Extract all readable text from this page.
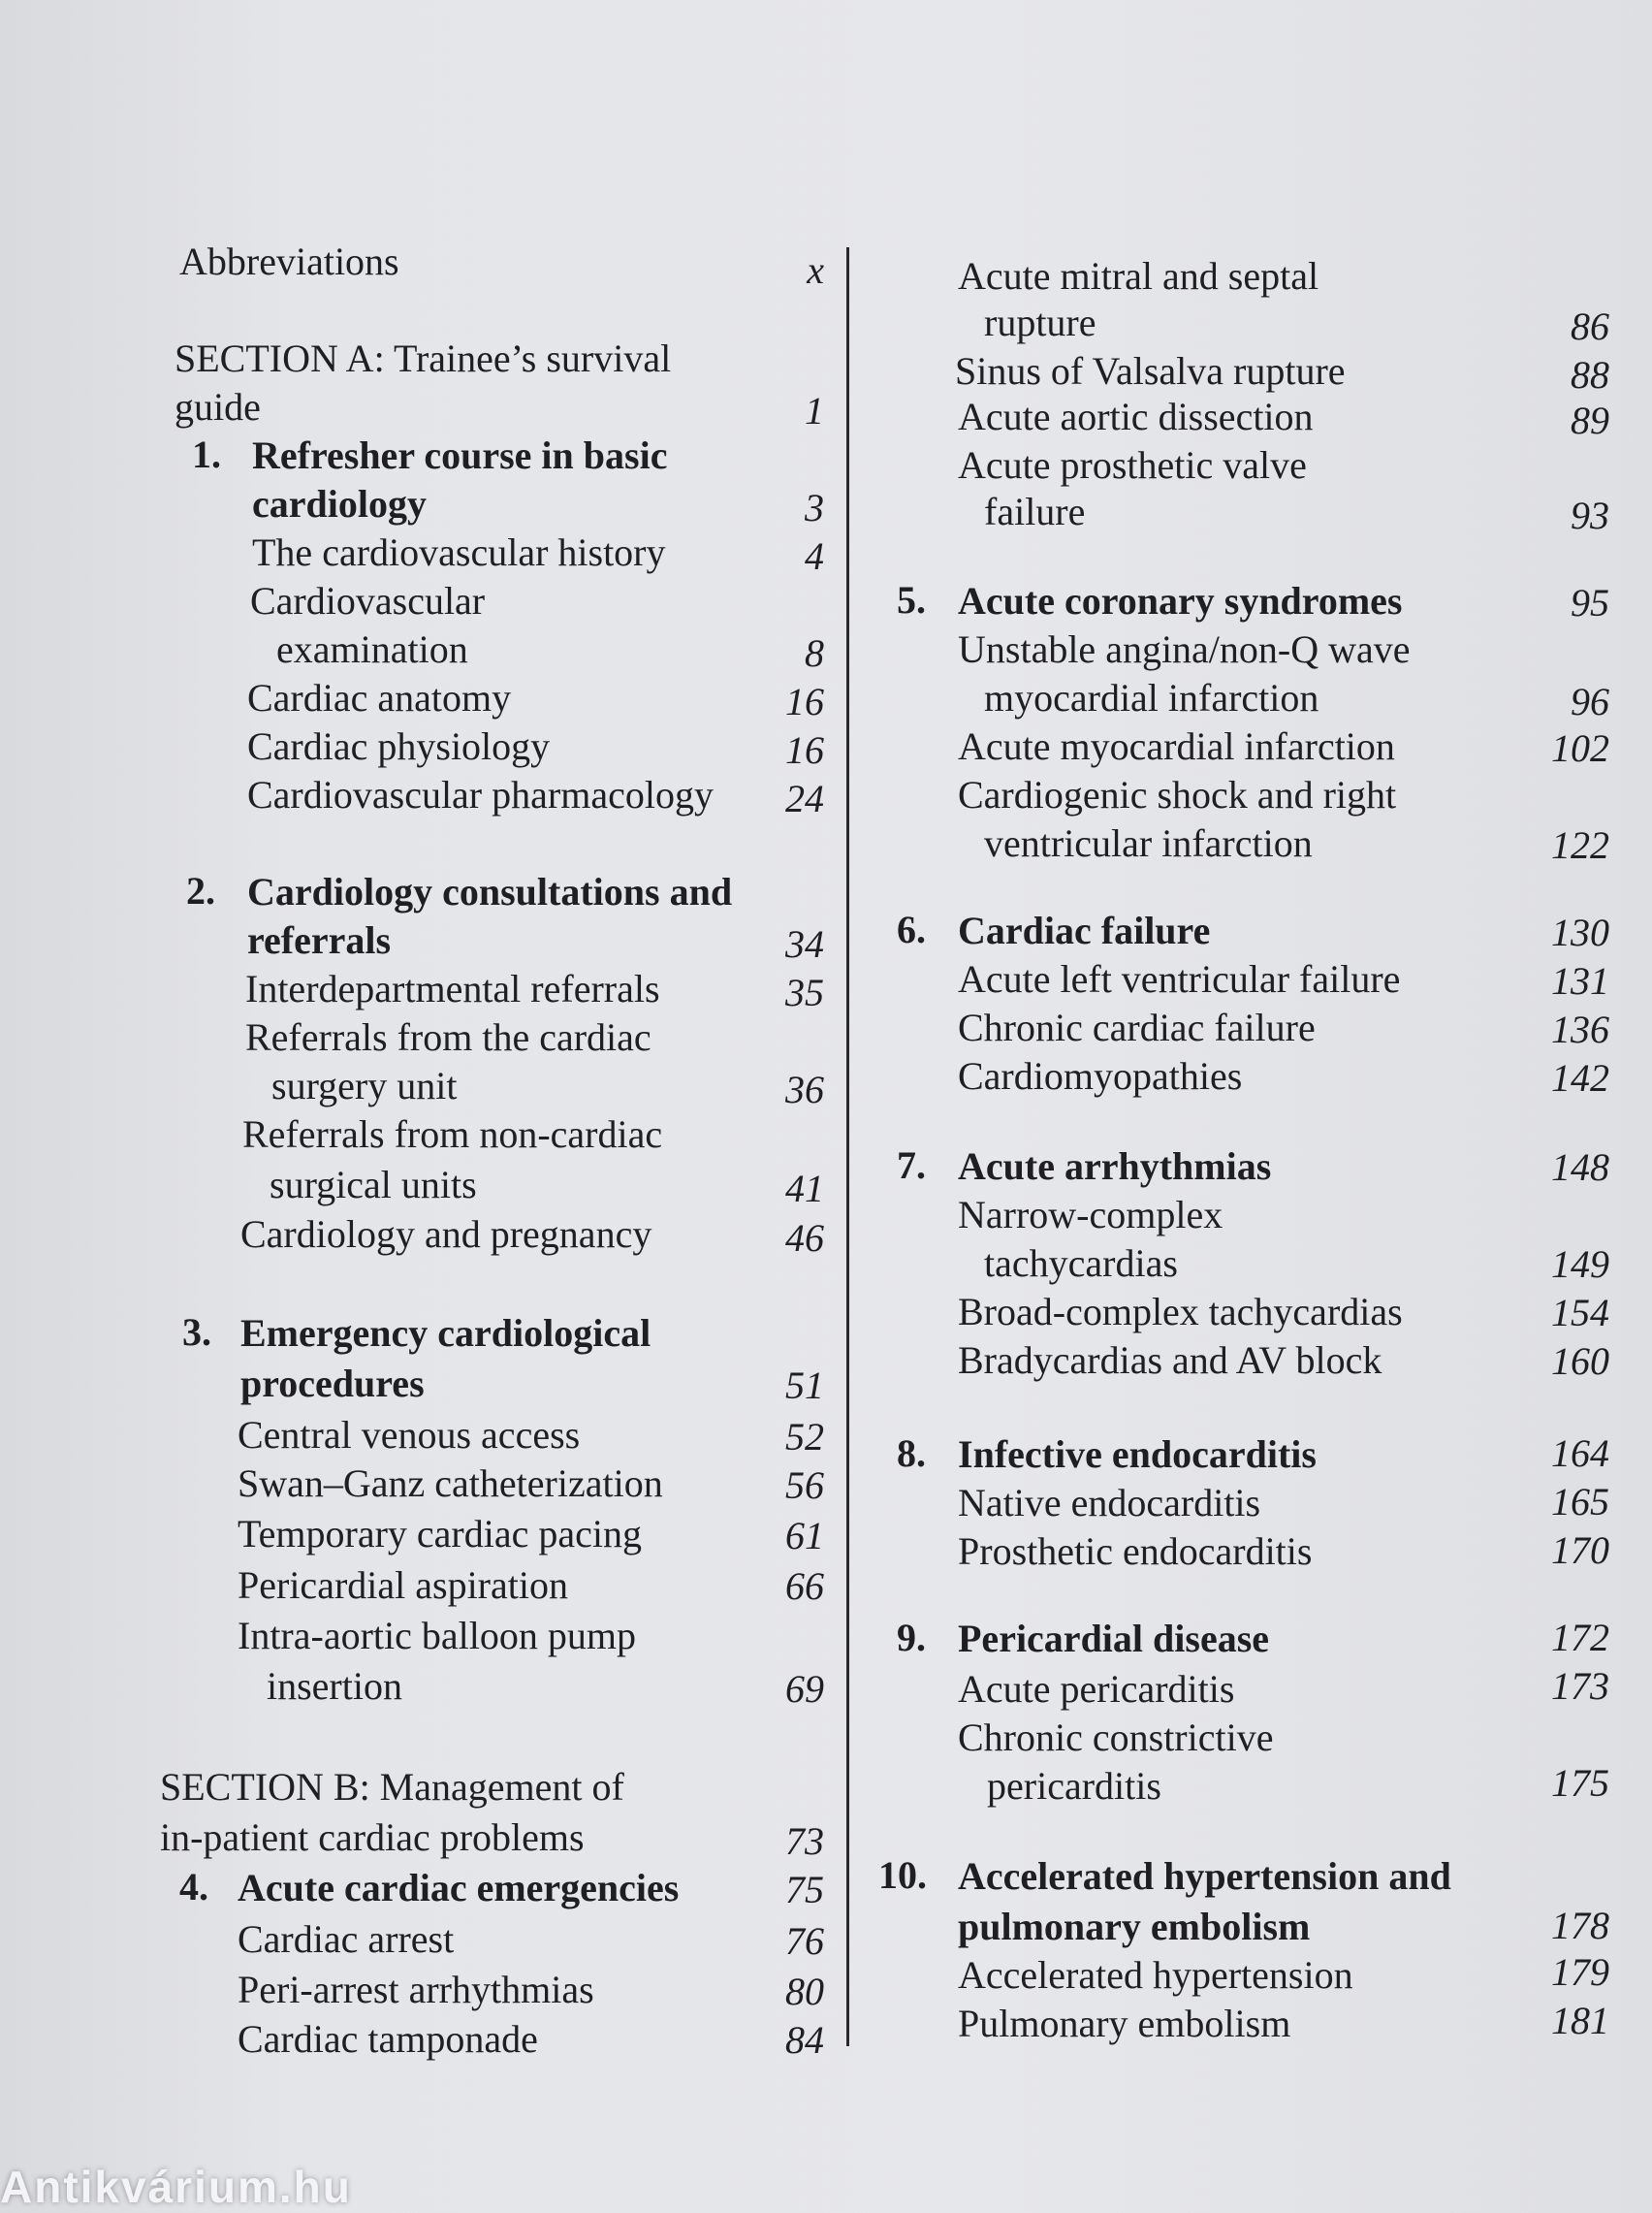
Abbreviations	x
SECTION A: Trainee’s survival
guide	1
1. Refresher course in basic
cardiology	3
The cardiovascular history	4
Cardiovascular
examination	8
Cardiac anatomy	16
Cardiac physiology	16
Cardiovascular pharmacology	24
2. Cardiology consultations and
referrals	34
Interdepartmental referrals	35
Referrals from the cardiac
surgery unit	36
Referrals from non-cardiac
surgical units	41
Cardiology and pregnancy	46
3. Emergency cardiological
procedures	51
Central venous access	52
Swan–Ganz catheterization	56
Temporary cardiac pacing	61
Pericardial aspiration	66
Intra-aortic balloon pump
insertion	69
SECTION B: Management of
in-patient cardiac problems	73
4. Acute cardiac emergencies	75
Cardiac arrest	76
Peri-arrest arrhythmias	80
Cardiac tamponade	84
Acute mitral and septal
rupture	86
Sinus of Valsalva rupture	88
Acute aortic dissection	89
Acute prosthetic valve
failure	93
5. Acute coronary syndromes	95
Unstable angina/non-Q wave
myocardial infarction	96
Acute myocardial infarction	102
Cardiogenic shock and right
ventricular infarction	122
6. Cardiac failure	130
Acute left ventricular failure	131
Chronic cardiac failure	136
Cardiomyopathies	142
7. Acute arrhythmias	148
Narrow-complex
tachycardias	149
Broad-complex tachycardias	154
Bradycardias and AV block	160
8. Infective endocarditis	164
Native endocarditis	165
Prosthetic endocarditis	170
9. Pericardial disease	172
Acute pericarditis	173
Chronic constrictive
pericarditis	175
10. Accelerated hypertension and
pulmonary embolism	178
Accelerated hypertension	179
Pulmonary embolism	181
Antikvárium.hu
